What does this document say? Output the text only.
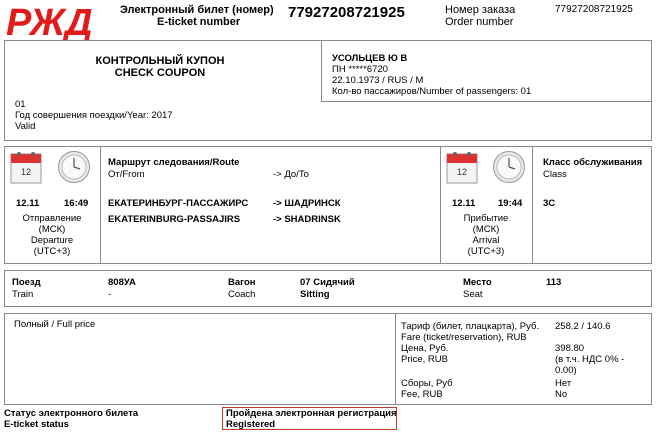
РЖД Электронный билет (номер)
E-ticket number
77927208721925	Номер заказа
Order number
77927208721925
КОНТРОЛЬНЫЙ КУПОН
CHECK COUPON
01
Год совершения поездки/Year: 2017
Valid
УСОЛЬЦЕВ Ю В
ПН *****6720
22.10.1973 / RUS / M
Кол-во пассажиров/Number of passengers: 01
12	12
Маршрут следования/Route
От/From	-> До/To
ЕКАТЕРИНБУРГ-ПАССАЖИРС	-> ШАДРИНСК
EKATERINBURG-PASSAJIRS	-> SHADRINSK
12.11	16:49
Отправление
(МСК)
Departure
(UTC+3)
12.11 19:44
Прибытие
(МСК)
Arrival
(UTC+3)
Класс обслуживания
Class
3С
Поезд
Train
808УА
-
Вагон
Coach
07 Сидячий
Sitting
Место
Seat
113
Полный / Full price	Тариф (билет, плацкарта), Руб.
Fare (ticket/reservation), RUB
258.2 / 140.6
Цена, Руб.
Price, RUB
398.80
(в т.ч. НДС 0% -
0.00)
Сборы, Руб
Fee, RUB
Нет
No
Статус электронного билета
E-ticket status
Пройдена электронная регистрация
Registered
